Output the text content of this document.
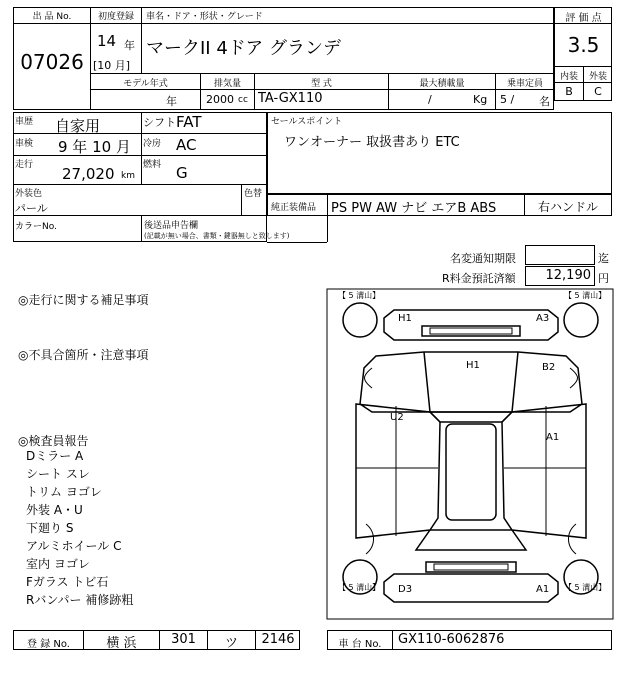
出 品 No.
07026
初度登録
14 年
[10 月]
車名・ドア・形状・グレード
マークII 4ドア グランデ
モデル年式
年
排気量
2000 cc
型 式
TA-GX110
最大積載量
/	Kg
乗車定員
5 / 名
評 価 点
3.5
内装	外装
B	C
車歴 自家用	シフト FAT
車検 9 年 10 月 冷房 AC
走行 27,020 km
燃料 G
外装色
パール
色替
カラーNo.	後送品申告欄
(記載が無い場合、書類・鍵器無しと致します)
セールスポイント
ワンオーナー 取扱書あり ETC
純正装備品 PS PW AW ナビ エアB ABS	右ハンドル
名変通知期限	迄
R料金預託済額	12,190 円
◎走行に関する補足事項
◎不具合箇所・注意事項
◎検査員報告
Dミラー A
シート スレ
トリム ヨゴレ
外装 A・U
下廻り S
アルミホイール C
室内 ヨゴレ
Fガラス トビ石
Rバンパー 補修跡粗
【 5 溝山】	【 5 溝山】
【 5 溝山】	【 5 溝山】
H1	A3
H1	B2
U2
A1
D3	A1
登 録 No.	横 浜	301	ツ	2146	車 台 No.	GX110-6062876
